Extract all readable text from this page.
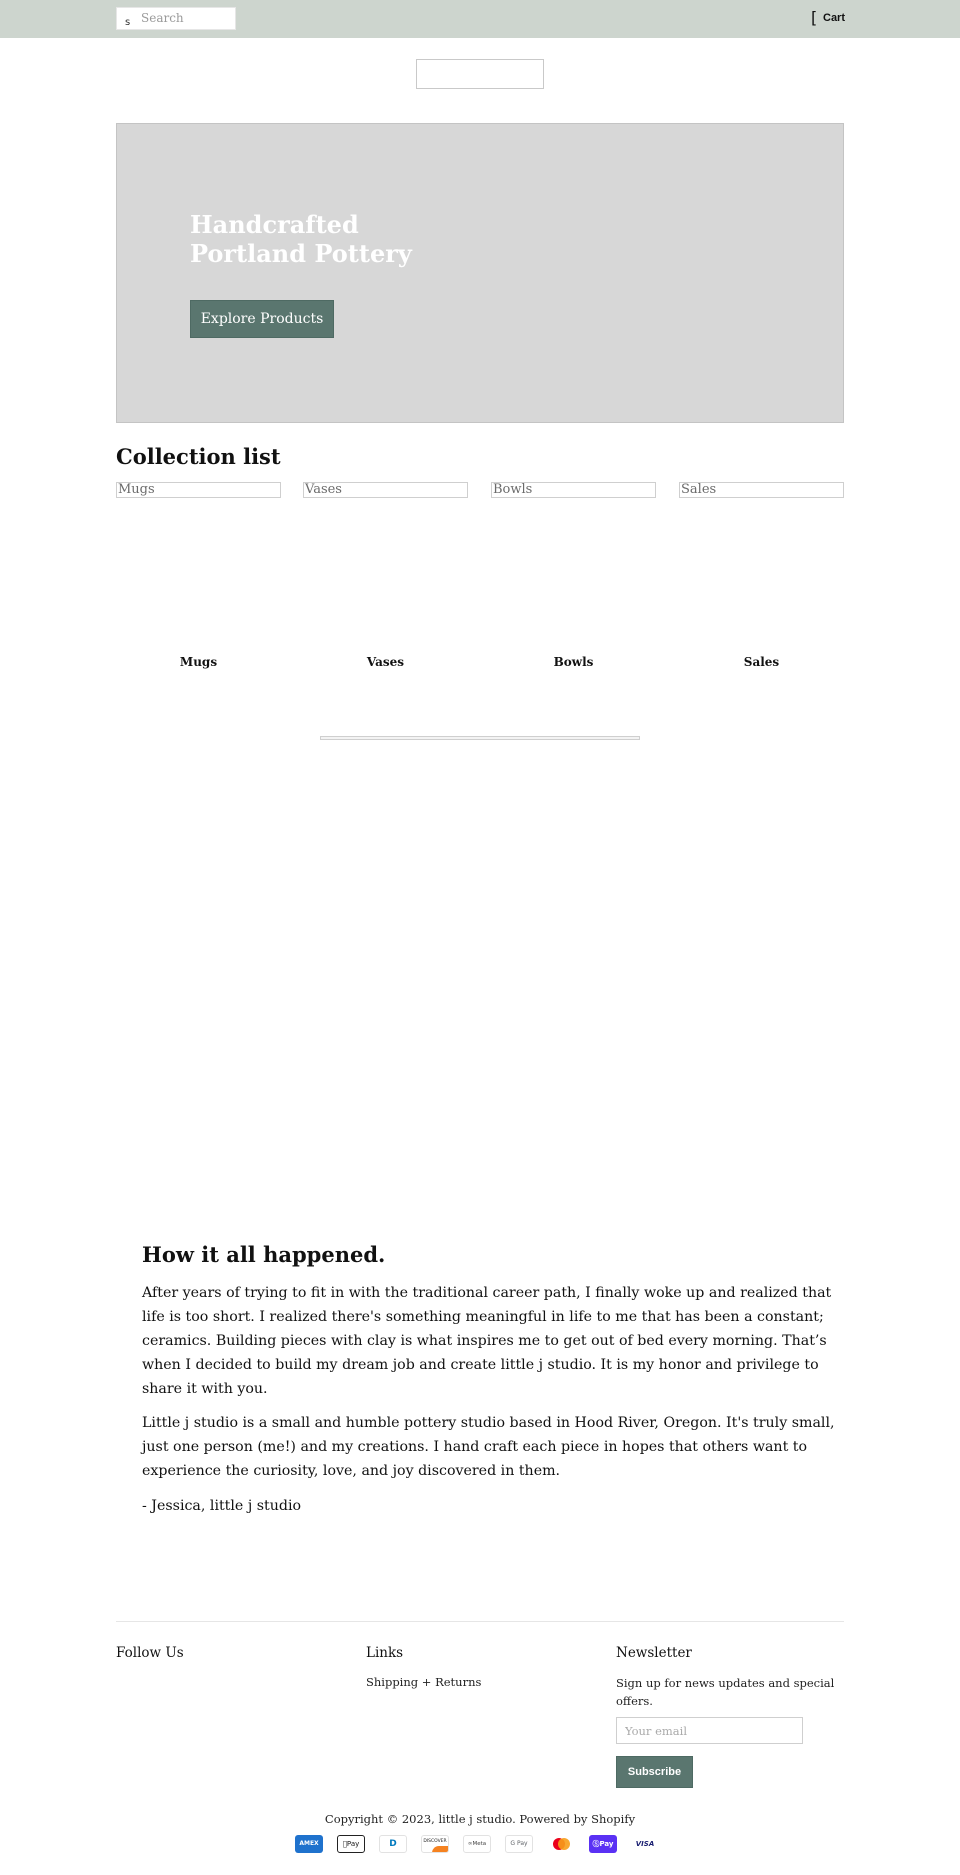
s Search	[ Cart
Handcrafted
Portland Pottery
Explore Products
Collection list
Mugs	Vases	Bowls	Sales
Mugs	Vases	Bowls	Sales
How it all happened.

After years of trying to fit in with the traditional career path, I finally woke up and realized that life is too short. I realized there's something meaningful in life to me that has been a constant; ceramics. Building pieces with clay is what inspires me to get out of bed every morning. That’s when I decided to build my dream job and create little j studio. It is my honor and privilege to share it with you.

Little j studio is a small and humble pottery studio based in Hood River, Oregon. It's truly small, just one person (me!) and my creations. I hand craft each piece in hopes that others want to experience the curiosity, love, and joy discovered in them.

- Jessica, little j studio

Follow Us	Links	Newsletter
Shipping + Returns	Sign up for news updates and special offers.
Your email
Subscribe
Copyright © 2023, little j studio. Powered by Shopify
AMEX	Pay	D	DISCOVER	∞Meta	G Pay	ⓈPay	VISA
